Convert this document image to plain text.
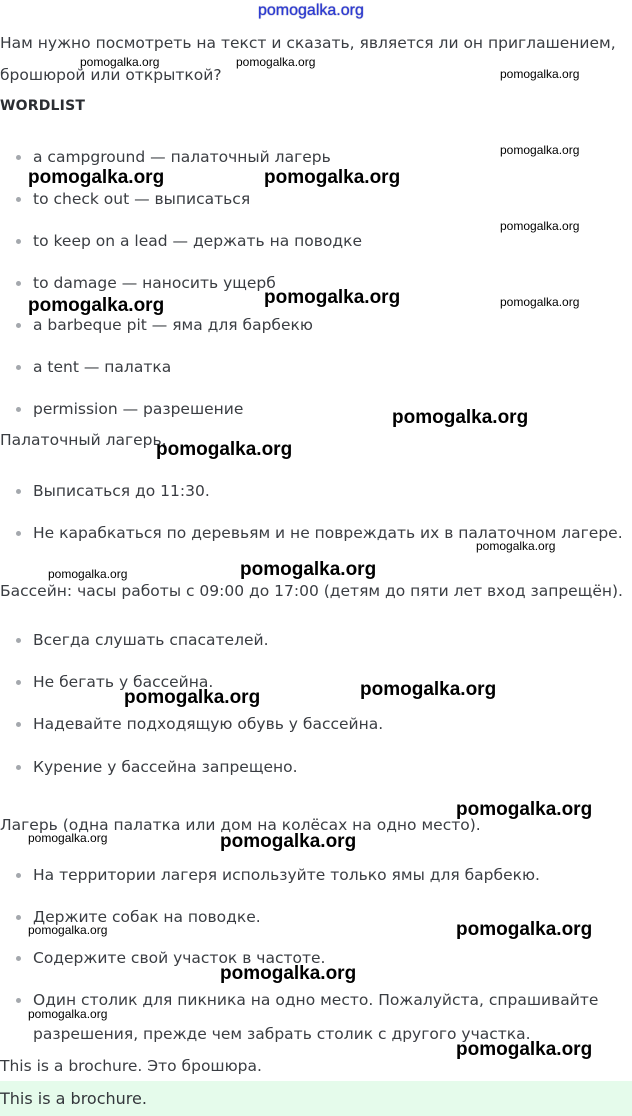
pomogalka.org
Нам нужно посмотреть на текст и сказать, является ли он приглашением,
брошюрой или открыткой?
WORDLIST
a campground — палаточный лагерь
to check out — выписаться
to keep on a lead — держать на поводке
to damage — наносить ущерб
a barbeque pit — яма для барбекю
a tent — палатка
permission — разрешение
Палаточный лагерь.
Выписаться до 11:30.
Не карабкаться по деревьям и не повреждать их в палаточном лагере.
Бассейн: часы работы с 09:00 до 17:00 (детям до пяти лет вход запрещён).
Всегда слушать спасателей.
Не бегать у бассейна.
Надевайте подходящую обувь у бассейна.
Курение у бассейна запрещено.
Лагерь (одна палатка или дом на колёсах на одно место).
На территории лагеря используйте только ямы для барбекю.
Держите собак на поводке.
Содержите свой участок в частоте.
Один столик для пикника на одно место. Пожалуйста, спрашивайте
разрешения, прежде чем забрать столик с другого участка.
This is a brochure. Это брошюра.
This is a brochure.
pomogalka.org	pomogalka.org
pomogalka.org
pomogalka.org
pomogalka.org	pomogalka.org
pomogalka.org
pomogalka.org
pomogalka.org	pomogalka.org
pomogalka.org
pomogalka.org
pomogalka.org
pomogalka.org
pomogalka.org
pomogalka.org
pomogalka.org
pomogalka.org
pomogalka.org	pomogalka.org
pomogalka.org	pomogalka.org
pomogalka.org
pomogalka.org
pomogalka.org
